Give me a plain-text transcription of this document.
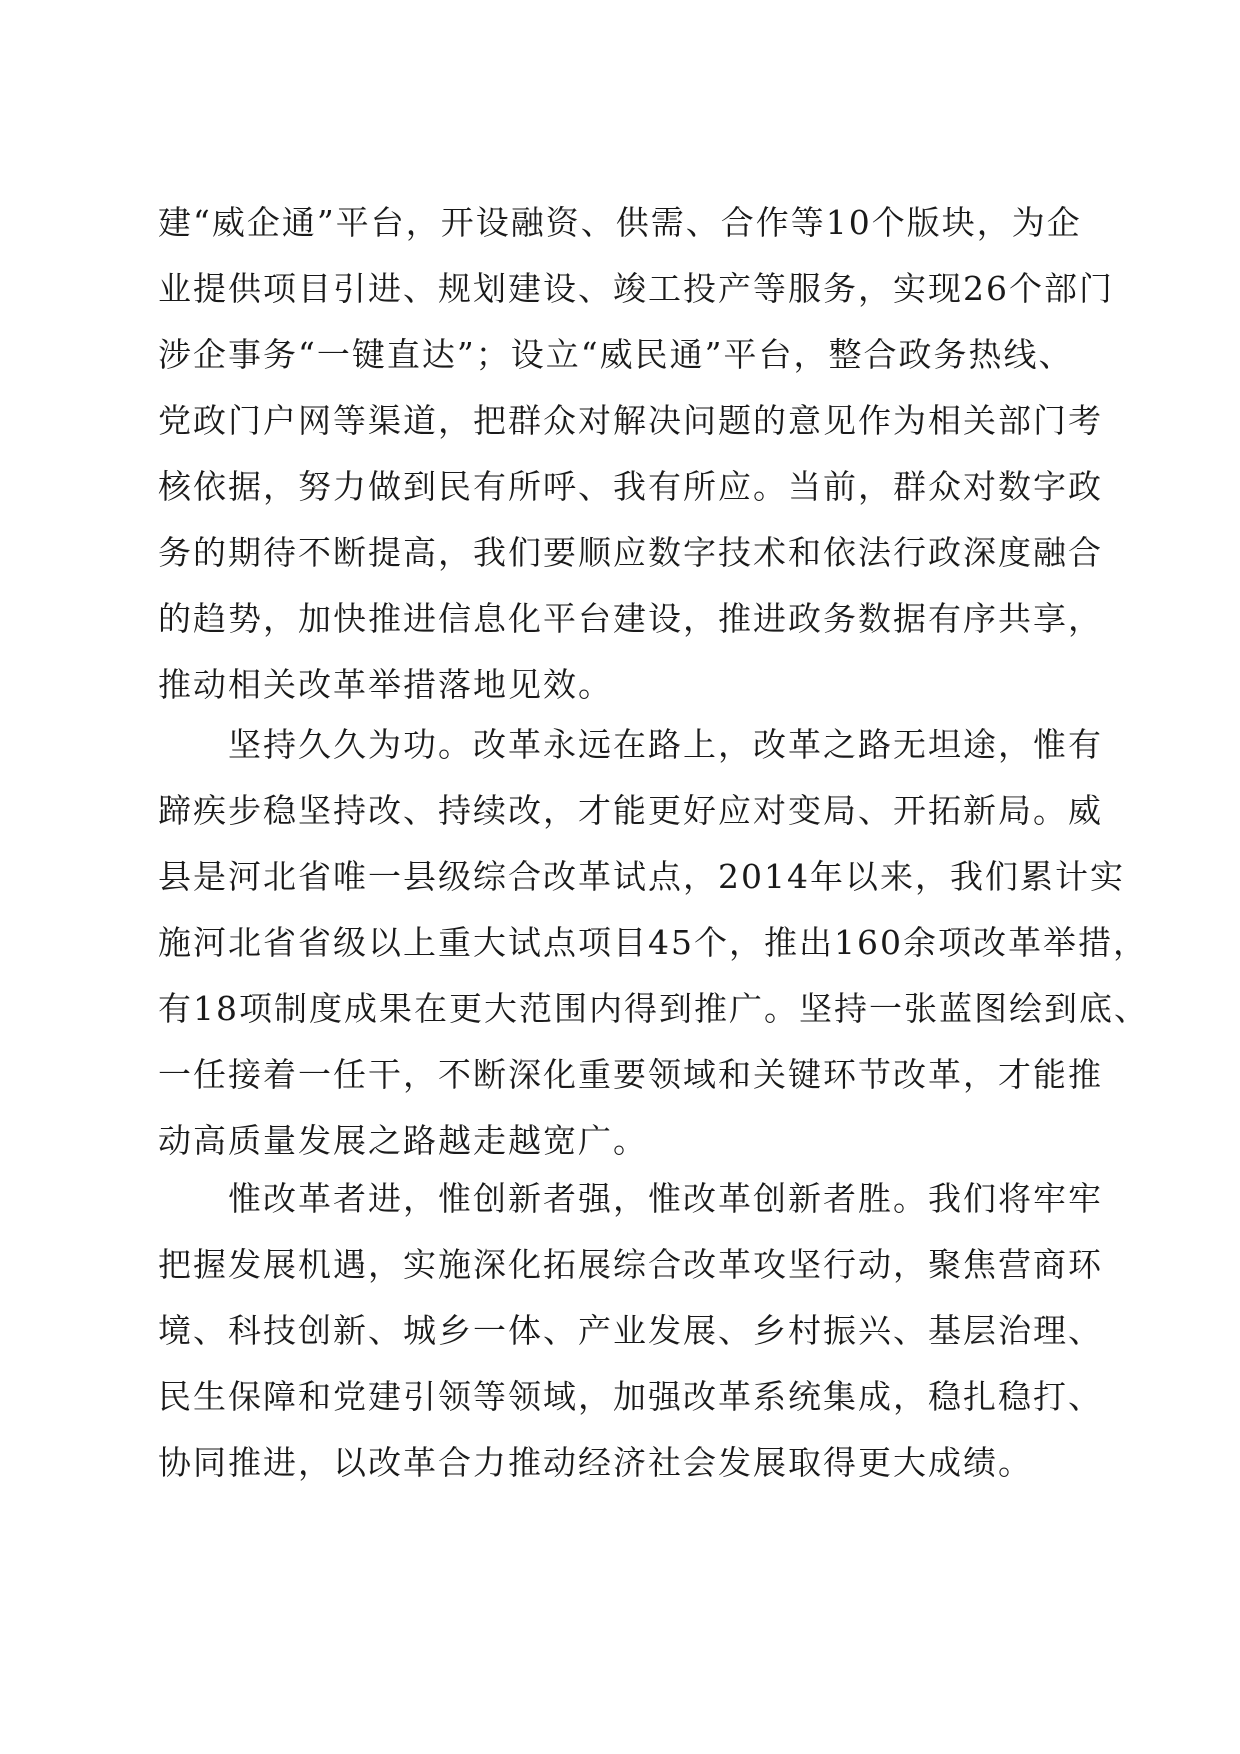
建“威企通”平台，开设融资、供需、合作等10个版块，为企
业提供项目引进、规划建设、竣工投产等服务，实现26个部门
涉企事务“一键直达”；设立“威民通”平台，整合政务热线、
党政门户网等渠道，把群众对解决问题的意见作为相关部门考
核依据，努力做到民有所呼、我有所应。当前，群众对数字政
务的期待不断提高，我们要顺应数字技术和依法行政深度融合
的趋势，加快推进信息化平台建设，推进政务数据有序共享，
推动相关改革举措落地见效。
　　坚持久久为功。改革永远在路上，改革之路无坦途，惟有
蹄疾步稳坚持改、持续改，才能更好应对变局、开拓新局。威
县是河北省唯一县级综合改革试点，2014年以来，我们累计实
施河北省省级以上重大试点项目45个，推出160余项改革举措，
有18项制度成果在更大范围内得到推广。坚持一张蓝图绘到底、
一任接着一任干，不断深化重要领域和关键环节改革，才能推
动高质量发展之路越走越宽广。
　　惟改革者进，惟创新者强，惟改革创新者胜。我们将牢牢
把握发展机遇，实施深化拓展综合改革攻坚行动，聚焦营商环
境、科技创新、城乡一体、产业发展、乡村振兴、基层治理、
民生保障和党建引领等领域，加强改革系统集成，稳扎稳打、
协同推进，以改革合力推动经济社会发展取得更大成绩。
